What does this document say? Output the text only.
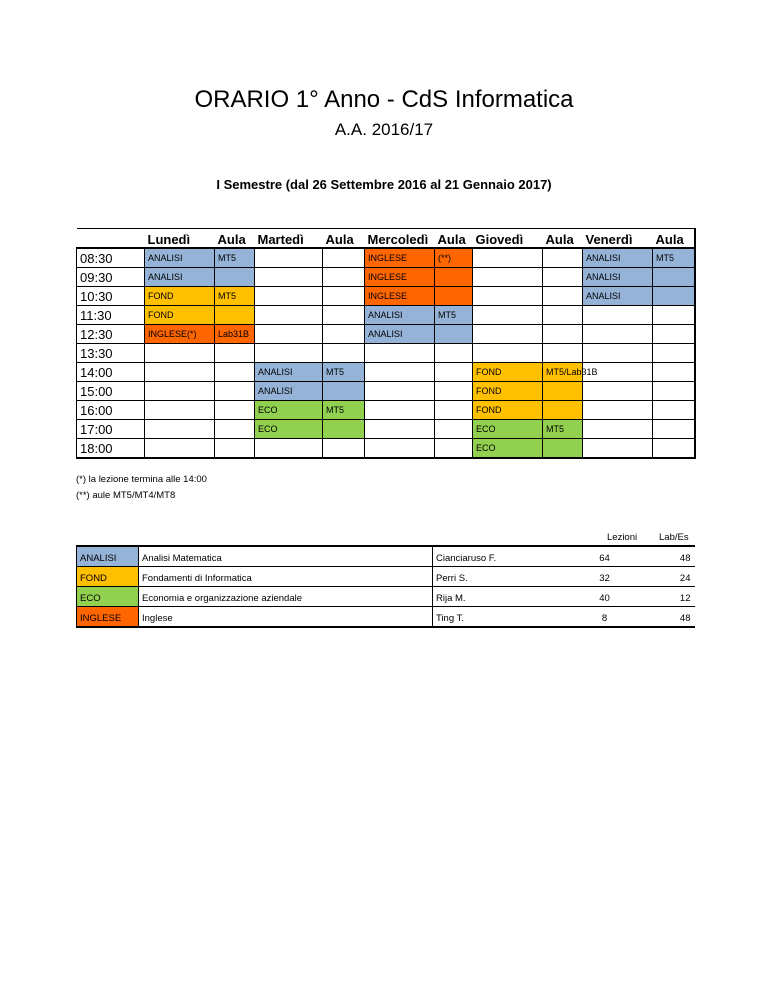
ORARIO 1° Anno - CdS Informatica
A.A. 2016/17
I Semestre (dal 26 Settembre 2016 al 21 Gennaio 2017)
	Lunedì	Aula	Martedì	Aula	Mercoledì	Aula	Giovedì	Aula	Venerdì	Aula
08:30	ANALISI	MT5			INGLESE	(**)			ANALISI	MT5
09:30	ANALISI				INGLESE				ANALISI	
10:30	FOND	MT5			INGLESE				ANALISI	
11:30	FOND				ANALISI	MT5				
12:30	INGLESE(*)	Lab31B			ANALISI					
13:30										
14:00			ANALISI	MT5			FOND	MT5/Lab31B		
15:00			ANALISI				FOND			
16:00			ECO	MT5			FOND			
17:00			ECO				ECO	MT5		
18:00							ECO			
(*) la lezione termina alle 14:00
(**) aule MT5/MT4/MT8
Lezioni Lab/Es
ANALISI	Analisi Matematica	Cianciaruso F.	64	48
FOND	Fondamenti di Informatica	Perri S.	32	24
ECO	Economia e organizzazione aziendale	Rija M.	40	12
INGLESE	Inglese	Ting T.	8	48
